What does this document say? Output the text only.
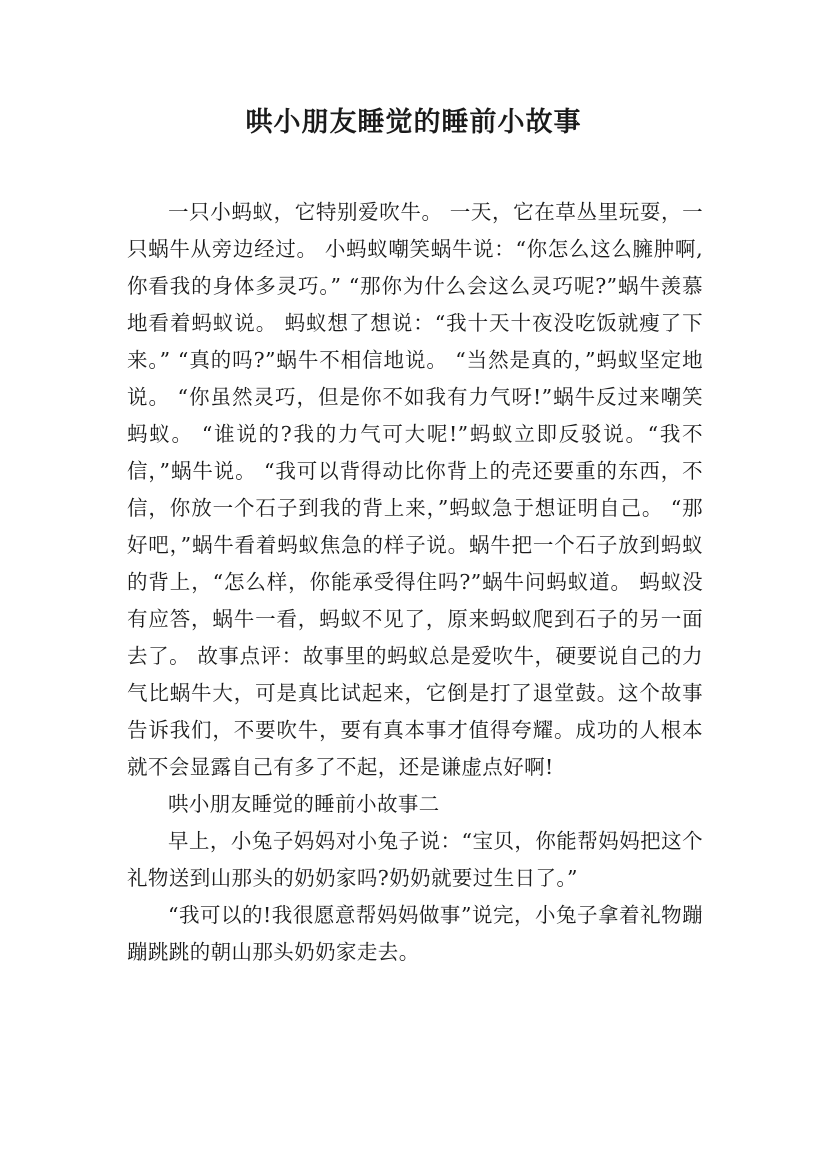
哄小朋友睡觉的睡前小故事

一只小蚂蚁，它特别爱吹牛。 一天，它在草丛里玩耍，一只蜗牛从旁边经过。 小蚂蚁嘲笑蜗牛说：“你怎么这么臃肿啊,你看我的身体多灵巧。” “那你为什么会这么灵巧呢?”蜗牛羡慕地看着蚂蚁说。 蚂蚁想了想说：“我十天十夜没吃饭就瘦了下来。” “真的吗?”蜗牛不相信地说。 “当然是真的，”蚂蚁坚定地说。 “你虽然灵巧，但是你不如我有力气呀!”蜗牛反过来嘲笑蚂蚁。 “谁说的?我的力气可大呢!”蚂蚁立即反驳说。“我不信，”蜗牛说。 “我可以背得动比你背上的壳还要重的东西，不信，你放一个石子到我的背上来，”蚂蚁急于想证明自己。 “那好吧，”蜗牛看着蚂蚁焦急的样子说。蜗牛把一个石子放到蚂蚁的背上，“怎么样，你能承受得住吗?”蜗牛问蚂蚁道。 蚂蚁没有应答，蜗牛一看，蚂蚁不见了，原来蚂蚁爬到石子的另一面去了。 故事点评：故事里的蚂蚁总是爱吹牛，硬要说自己的力气比蜗牛大，可是真比试起来，它倒是打了退堂鼓。这个故事告诉我们，不要吹牛，要有真本事才值得夸耀。成功的人根本就不会显露自己有多了不起，还是谦虚点好啊!

哄小朋友睡觉的睡前小故事二

早上，小兔子妈妈对小兔子说：“宝贝，你能帮妈妈把这个礼物送到山那头的奶奶家吗?奶奶就要过生日了。”

“我可以的!我很愿意帮妈妈做事”说完，小兔子拿着礼物蹦蹦跳跳的朝山那头奶奶家走去。
